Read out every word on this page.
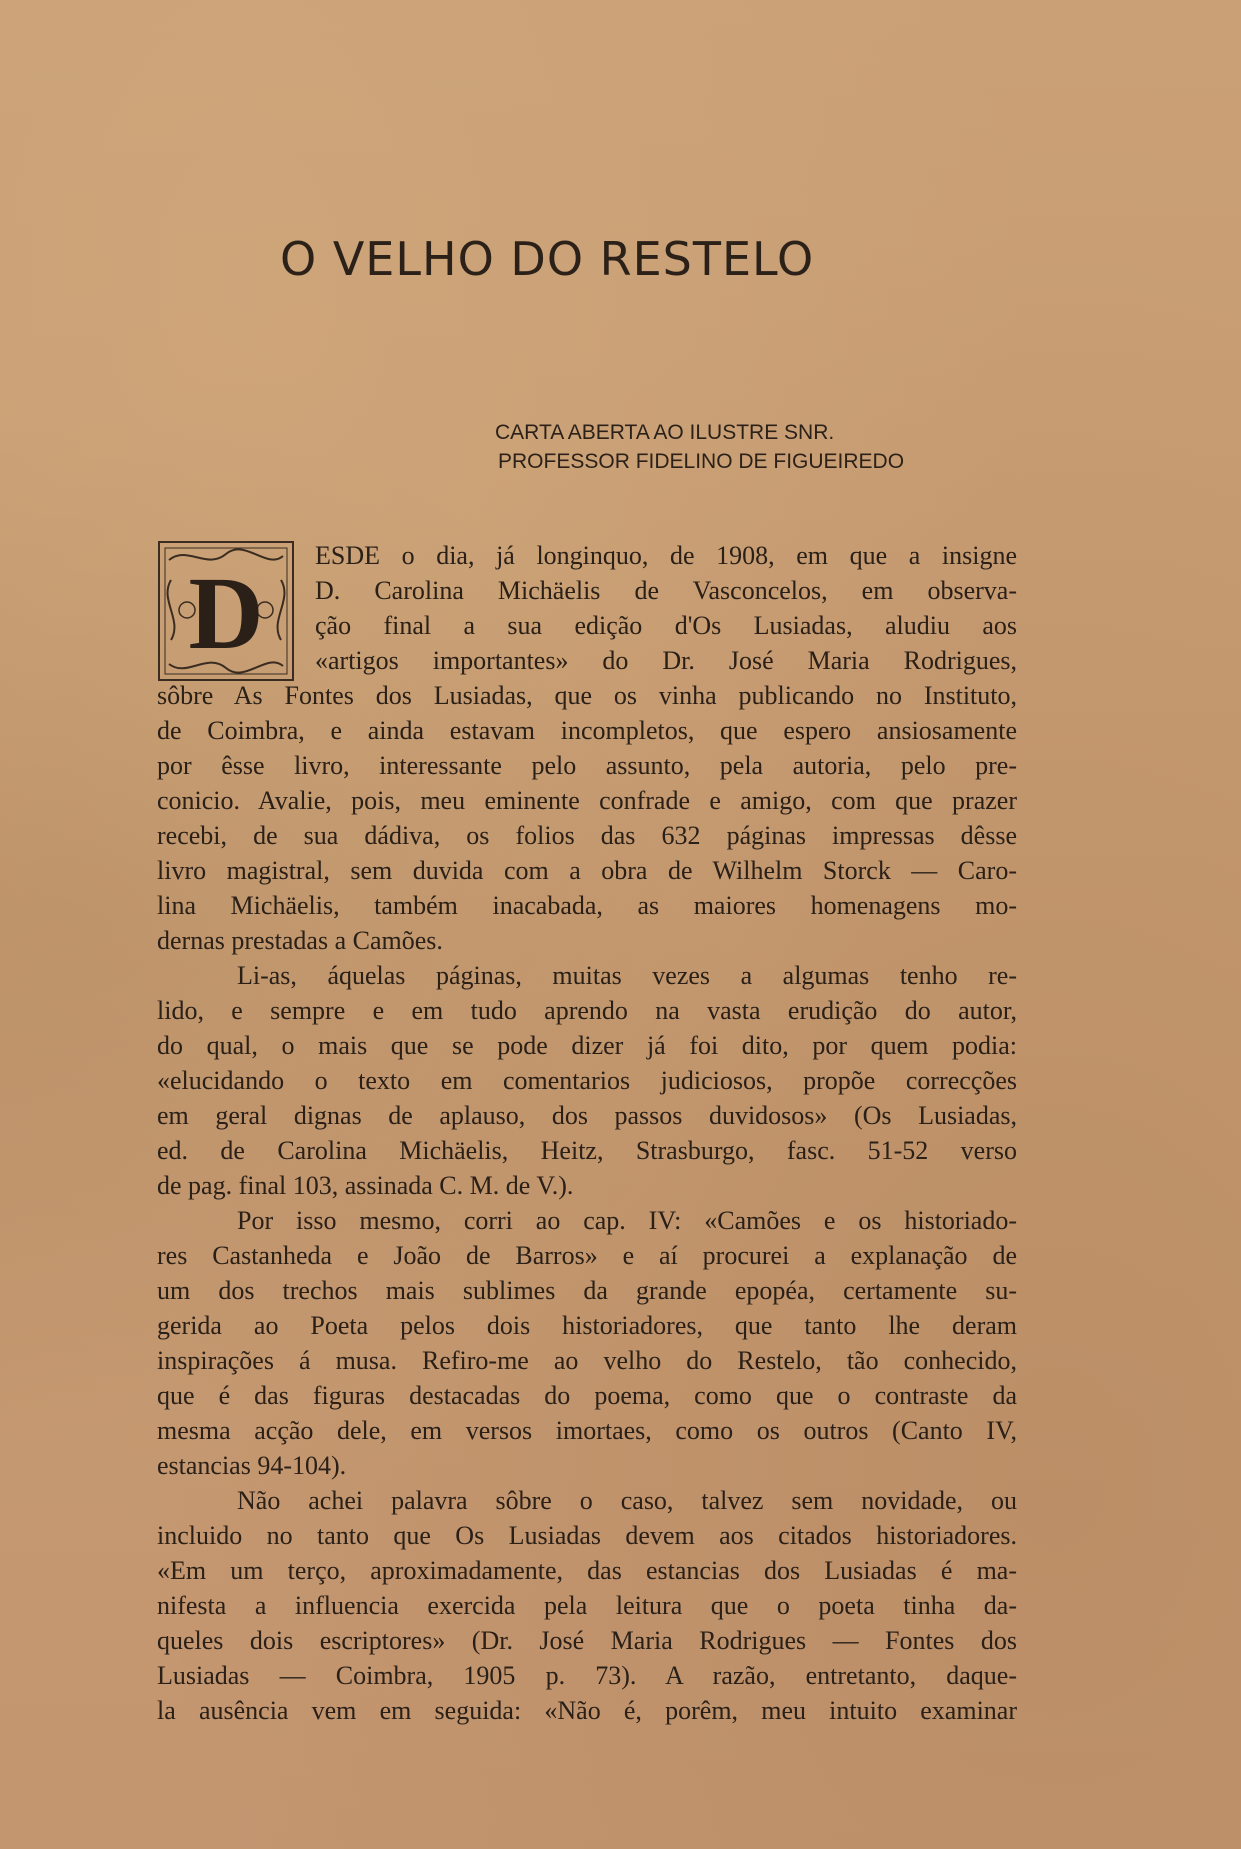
O VELHO DO RESTELO
CARTA ABERTA AO ILUSTRE SNR.
PROFESSOR FIDELINO DE FIGUEIREDO
D
ESDE o dia, já longinquo, de 1908, em que a insigne
D. Carolina Michäelis de Vasconcelos, em observa-
ção final a sua edição d'Os Lusiadas, aludiu aos
«artigos importantes» do Dr. José Maria Rodrigues,
sôbre As Fontes dos Lusiadas, que os vinha publicando no Instituto,
de Coimbra, e ainda estavam incompletos, que espero ansiosamente
por êsse livro, interessante pelo assunto, pela autoria, pelo pre-
conicio. Avalie, pois, meu eminente confrade e amigo, com que prazer
recebi, de sua dádiva, os folios das 632 páginas impressas dêsse
livro magistral, sem duvida com a obra de Wilhelm Storck — Caro-
lina Michäelis, também inacabada, as maiores homenagens mo-
dernas prestadas a Camões.
Li-as, áquelas páginas, muitas vezes a algumas tenho re-
lido, e sempre e em tudo aprendo na vasta erudição do autor,
do qual, o mais que se pode dizer já foi dito, por quem podia:
«elucidando o texto em comentarios judiciosos, propõe correcções
em geral dignas de aplauso, dos passos duvidosos» (Os Lusiadas,
ed. de Carolina Michäelis, Heitz, Strasburgo, fasc. 51-52 verso
de pag. final 103, assinada C. M. de V.).
Por isso mesmo, corri ao cap. IV: «Camões e os historiado-
res Castanheda e João de Barros» e aí procurei a explanação de
um dos trechos mais sublimes da grande epopéa, certamente su-
gerida ao Poeta pelos dois historiadores, que tanto lhe deram
inspirações á musa. Refiro-me ao velho do Restelo, tão conhecido,
que é das figuras destacadas do poema, como que o contraste da
mesma acção dele, em versos imortaes, como os outros (Canto IV,
estancias 94-104).
Não achei palavra sôbre o caso, talvez sem novidade, ou
incluido no tanto que Os Lusiadas devem aos citados historiadores.
«Em um terço, aproximadamente, das estancias dos Lusiadas é ma-
nifesta a influencia exercida pela leitura que o poeta tinha da-
queles dois escriptores» (Dr. José Maria Rodrigues — Fontes dos
Lusiadas — Coimbra, 1905 p. 73). A razão, entretanto, daque-
la ausência vem em seguida: «Não é, porêm, meu intuito examinar
